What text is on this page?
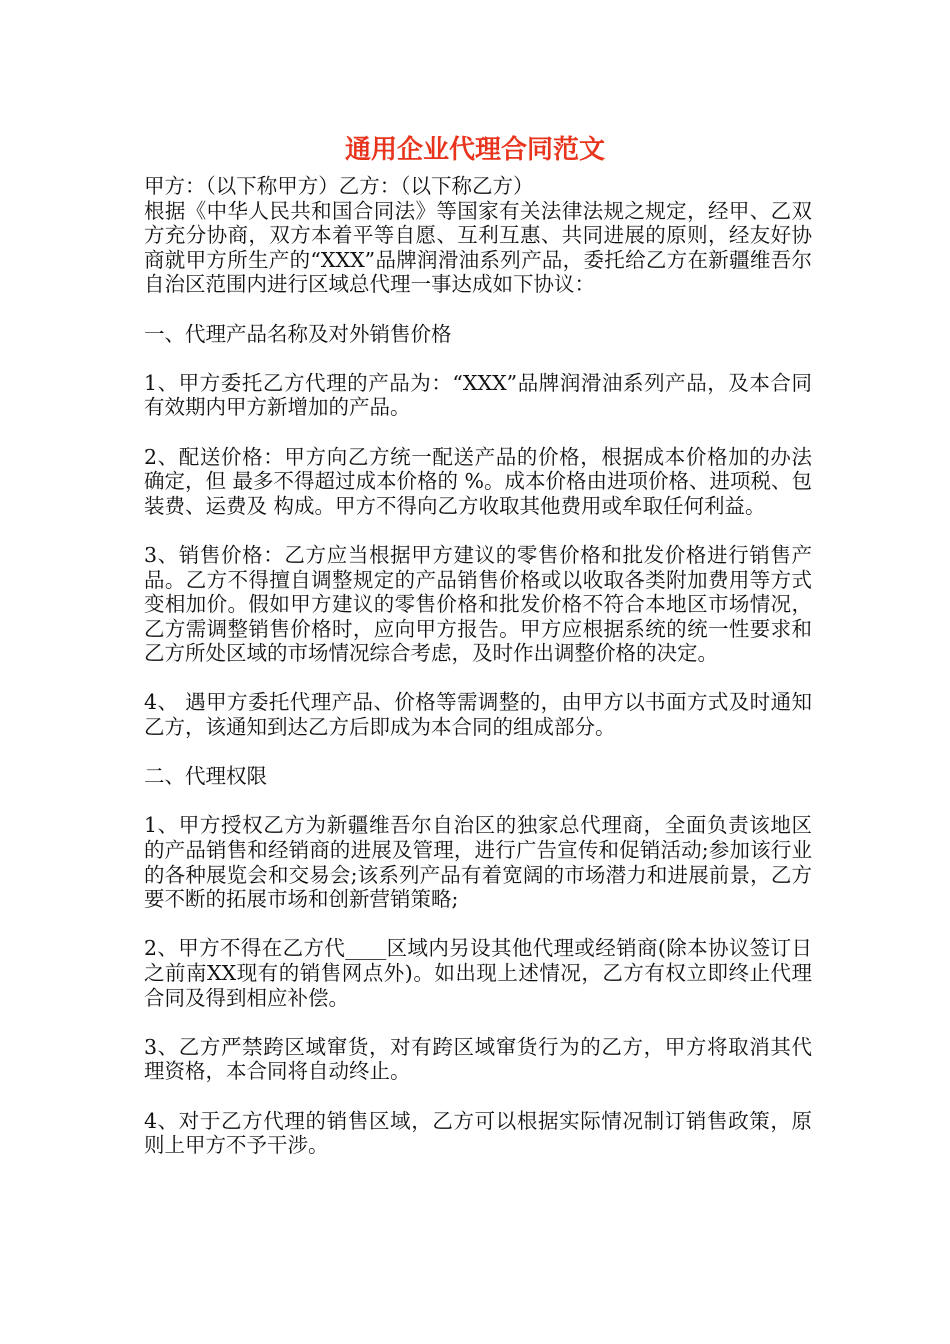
通用企业代理合同范文

甲方：（以下称甲方）乙方：（以下称乙方）

根据《中华人民共和国合同法》等国家有关法律法规之规定，经甲、乙双方充分协商，双方本着平等自愿、互利互惠、共同进展的原则，经友好协商就甲方所生产的“XXX”品牌润滑油系列产品，委托给乙方在新疆维吾尔自治区范围内进行区域总代理一事达成如下协议：

一、代理产品名称及对外销售价格

1、甲方委托乙方代理的产品为：“XXX”品牌润滑油系列产品，及本合同有效期内甲方新增加的产品。

2、配送价格：甲方向乙方统一配送产品的价格，根据成本价格加的办法确定，但 最多不得超过成本价格的 %。成本价格由进项价格、进项税、包装费、运费及 构成。甲方不得向乙方收取其他费用或牟取任何利益。

3、销售价格：乙方应当根据甲方建议的零售价格和批发价格进行销售产品。乙方不得擅自调整规定的产品销售价格或以收取各类附加费用等方式变相加价。假如甲方建议的零售价格和批发价格不符合本地区市场情况，乙方需调整销售价格时，应向甲方报告。甲方应根据系统的统一性要求和乙方所处区域的市场情况综合考虑，及时作出调整价格的决定。

4、 遇甲方委托代理产品、价格等需调整的，由甲方以书面方式及时通知乙方，该通知到达乙方后即成为本合同的组成部分。

二、代理权限

1、甲方授权乙方为新疆维吾尔自治区的独家总代理商，全面负责该地区的产品销售和经销商的进展及管理，进行广告宣传和促销活动;参加该行业的各种展览会和交易会;该系列产品有着宽阔的市场潜力和进展前景，乙方要不断的拓展市场和创新营销策略;

2、甲方不得在乙方代____区域内另设其他代理或经销商(除本协议签订日之前南XX现有的销售网点外)。如出现上述情况，乙方有权立即终止代理合同及得到相应补偿。

3、乙方严禁跨区域窜货，对有跨区域窜货行为的乙方，甲方将取消其代理资格，本合同将自动终止。

4、对于乙方代理的销售区域，乙方可以根据实际情况制订销售政策，原则上甲方不予干涉。
